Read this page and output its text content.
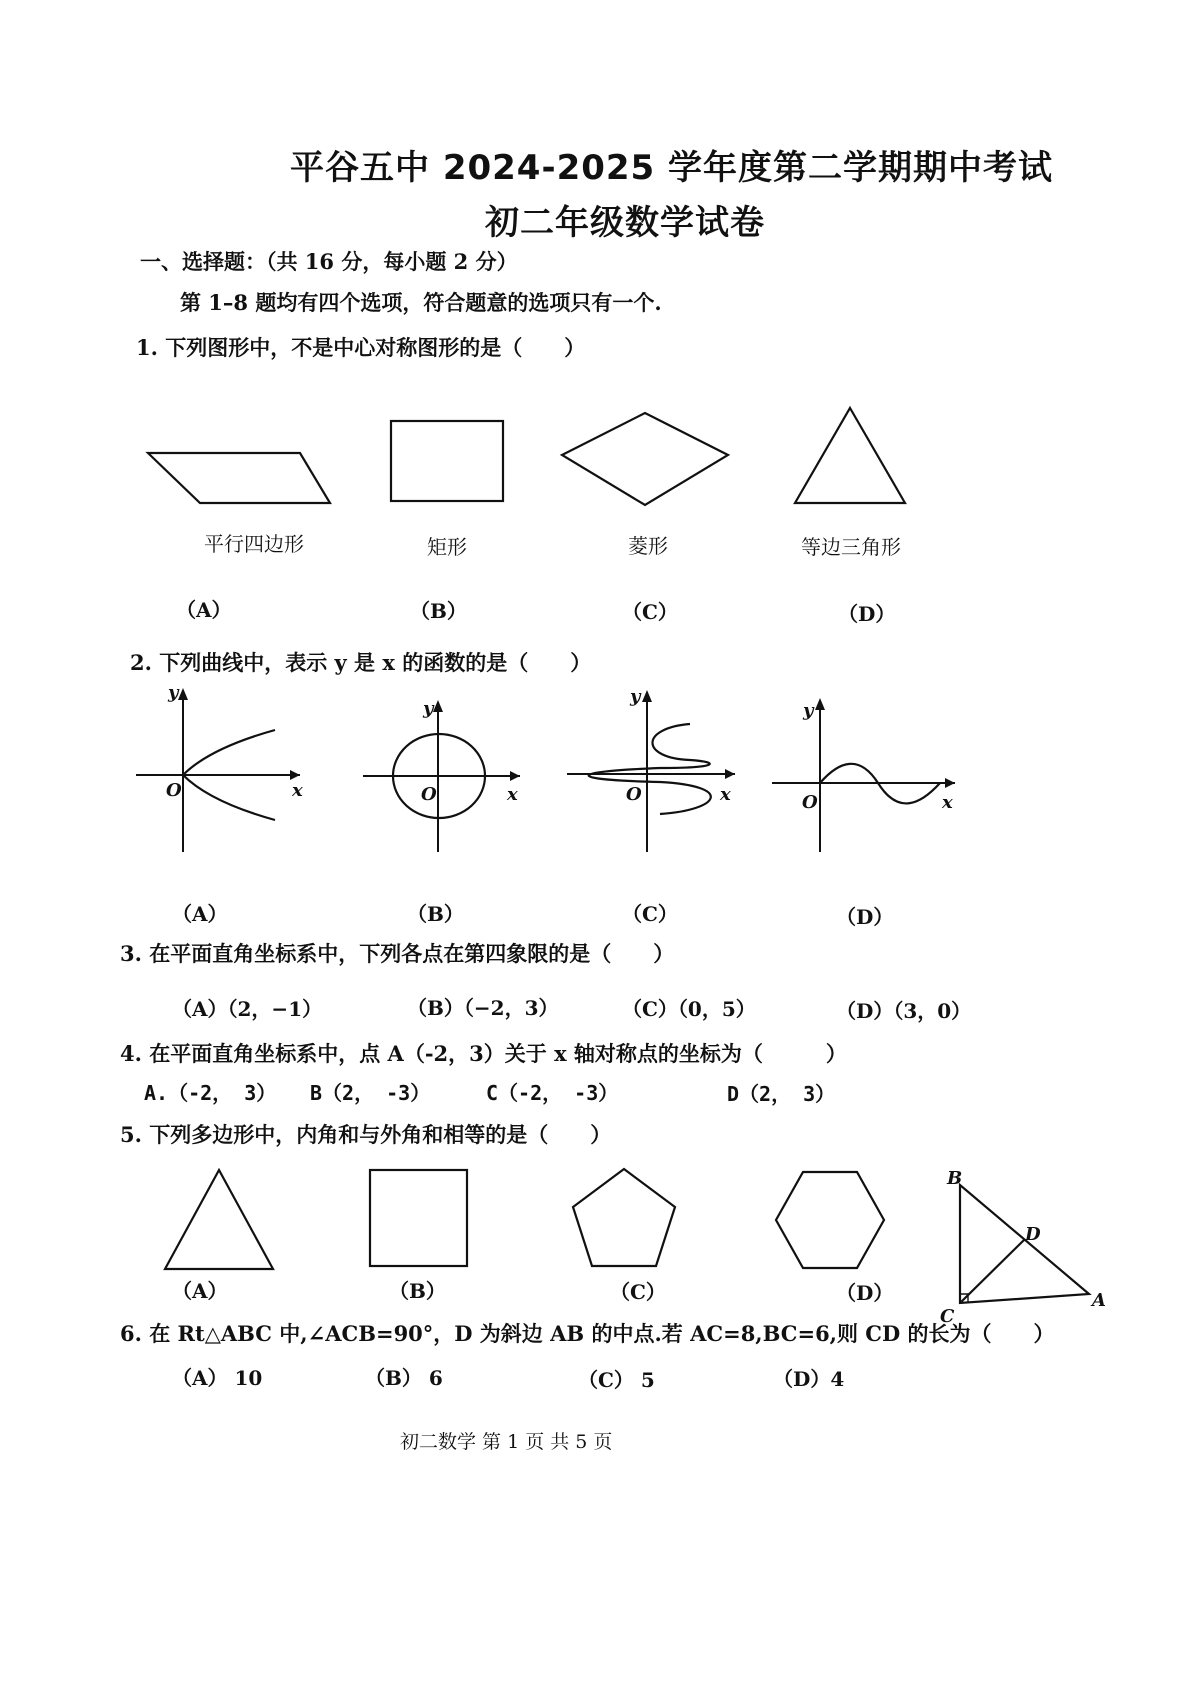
平谷五中 2024-2025 学年度第二学期期中考试
初二年级数学试卷
一、选择题：（共 16 分，每小题 2 分）
第 1–8 题均有四个选项，符合题意的选项只有一个.
1. 下列图形中，不是中心对称图形的是（　　）
平行四边形	矩形	菱形	等边三角形
（A）	（B）	（C）	（D）
2. 下列曲线中，表示 y 是 x 的函数的是（　　）
y
x
O
y
x
O
y
x
O
y
x
O
（A）	（B）	（C）	（D）
3. 在平面直角坐标系中，下列各点在第四象限的是（　　）
（A）（2，−1）	（B）（−2，3）	（C）（0，5）	（D）（3，0）
4. 在平面直角坐标系中，点 A（-2，3）关于 x 轴对称点的坐标为（　　　）
A.（-2， 3） B（2， -3）	C（-2， -3）	D（2， 3）
5. 下列多边形中，内角和与外角和相等的是（　　）
B
D
C
A
（A）	（B）	（C）	（D）
6. 在 Rt△ABC 中,∠ACB=90°，D 为斜边 AB 的中点.若 AC=8,BC=6,则 CD 的长为（　　）
（A） 10	（B） 6	（C） 5	（D）4
初二数学 第 1 页 共 5 页
